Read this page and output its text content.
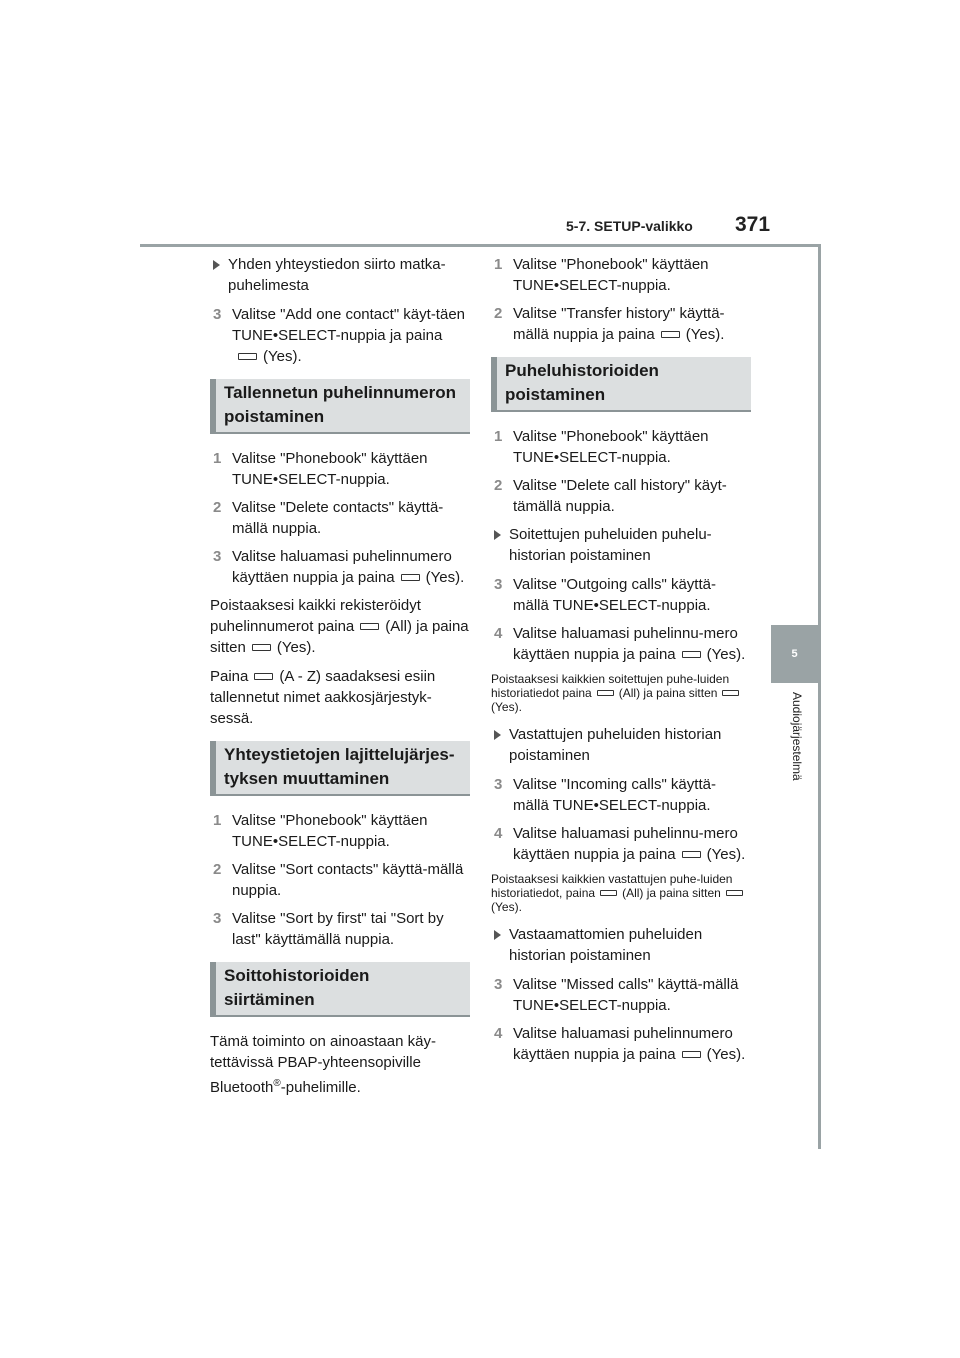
5-7. SETUP-valikko 371
5
Audiojärjestelmä
Yhden yhteystiedon siirto matka-puhelimesta
3 Valitse "Add one contact" käyt-täen TUNE•SELECT-nuppia ja paina(Yes).
Tallennetun puhelinnumeron poistaminen
1 Valitse "Phonebook" käyttäen TUNE•SELECT-nuppia.
2 Valitse "Delete contacts" käyttä-mällä nuppia.
3 Valitse haluamasi puhelinnumero käyttäen nuppia ja paina (Yes).

Poistaaksesi kaikki rekisteröidyt puhelinnumerot paina (All) ja paina sitten (Yes).

Paina (A - Z) saadaksesi esiin tallennetut nimet aakkosjärjestyk-sessä.

Yhteystietojen lajittelujärjes-tyksen muuttaminen
1 Valitse "Phonebook" käyttäen TUNE•SELECT-nuppia.
2 Valitse "Sort contacts" käyttä-mällä nuppia.
3 Valitse "Sort by first" tai "Sort by last" käyttämällä nuppia.
Soittohistorioiden siirtäminen

Tämä toiminto on ainoastaan käy-tettävissä PBAP-yhteensopiville Bluetooth®-puhelimille.

1 Valitse "Phonebook" käyttäen TUNE•SELECT-nuppia.
2 Valitse "Transfer history" käyttä-mällä nuppia ja paina (Yes).
Puheluhistorioiden poistaminen
1 Valitse "Phonebook" käyttäen TUNE•SELECT-nuppia.
2 Valitse "Delete call history" käyt-tämällä nuppia.
Soitettujen puheluiden puhelu-historian poistaminen
3 Valitse "Outgoing calls" käyttä-mällä TUNE•SELECT-nuppia.
4 Valitse haluamasi puhelinnu-mero käyttäen nuppia ja paina (Yes).

Poistaaksesi kaikkien soitettujen puhe-luiden historiatiedot paina (All) ja paina sitten(Yes).

Vastattujen puheluiden historian poistaminen
3 Valitse "Incoming calls" käyttä-mällä TUNE•SELECT-nuppia.
4 Valitse haluamasi puhelinnu-mero käyttäen nuppia ja paina (Yes).

Poistaaksesi kaikkien vastattujen puhe-luiden historiatiedot, paina (All) ja paina sitten(Yes).

Vastaamattomien puheluiden historian poistaminen
3 Valitse "Missed calls" käyttä-mällä TUNE•SELECT-nuppia.
4 Valitse haluamasi puhelinnumero käyttäen nuppia ja paina (Yes).
